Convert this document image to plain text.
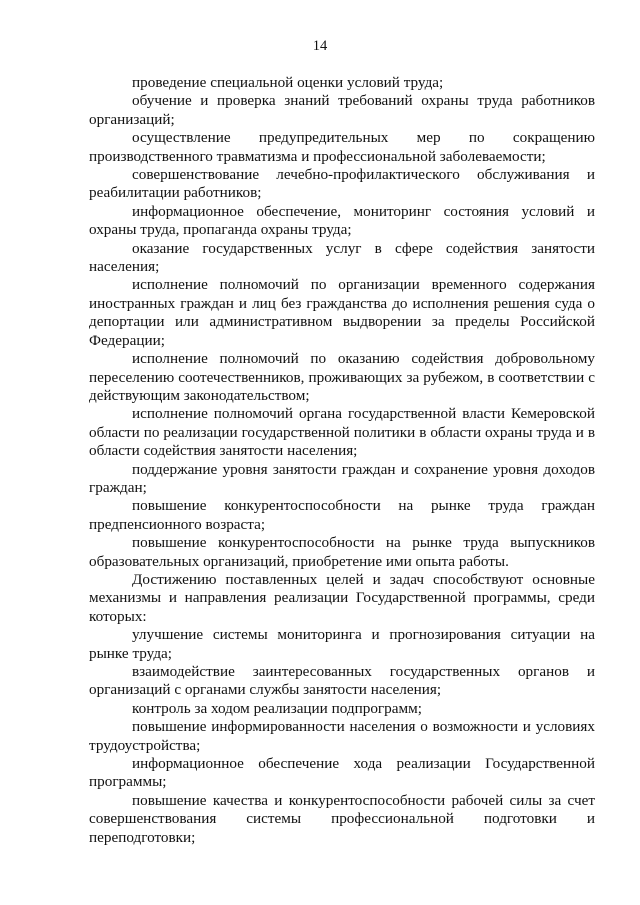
14

проведение специальной оценки условий труда;

обучение и проверка знаний требований охраны труда работников организаций;

осуществление предупредительных мер по сокращению производственного травматизма и профессиональной заболеваемости;

совершенствование лечебно-профилактического обслуживания и реабилитации работников;

информационное обеспечение, мониторинг состояния условий и охраны труда, пропаганда охраны труда;

оказание государственных услуг в сфере содействия занятости населения;

исполнение полномочий по организации временного содержания иностранных граждан и лиц без гражданства до исполнения решения суда о депортации или административном выдворении за пределы Российской Федерации;

исполнение полномочий по оказанию содействия добровольному переселению соотечественников, проживающих за рубежом, в соответствии с действующим законодательством;

исполнение полномочий органа государственной власти Кемеровской области по реализации государственной политики в области охраны труда и в области содействия занятости населения;

поддержание уровня занятости граждан и сохранение уровня доходов граждан;

повышение конкурентоспособности на рынке труда граждан предпенсионного возраста;

повышение конкурентоспособности на рынке труда выпускников образовательных организаций, приобретение ими опыта работы.

Достижению поставленных целей и задач способствуют основные механизмы и направления реализации Государственной программы, среди которых:

улучшение системы мониторинга и прогнозирования ситуации на рынке труда;

взаимодействие заинтересованных государственных органов и организаций с органами службы занятости населения;

контроль за ходом реализации подпрограмм;

повышение информированности населения о возможности и условиях трудоустройства;

информационное обеспечение хода реализации Государственной программы;

повышение качества и конкурентоспособности рабочей силы за счет совершенствования системы профессиональной подготовки и переподготовки;
